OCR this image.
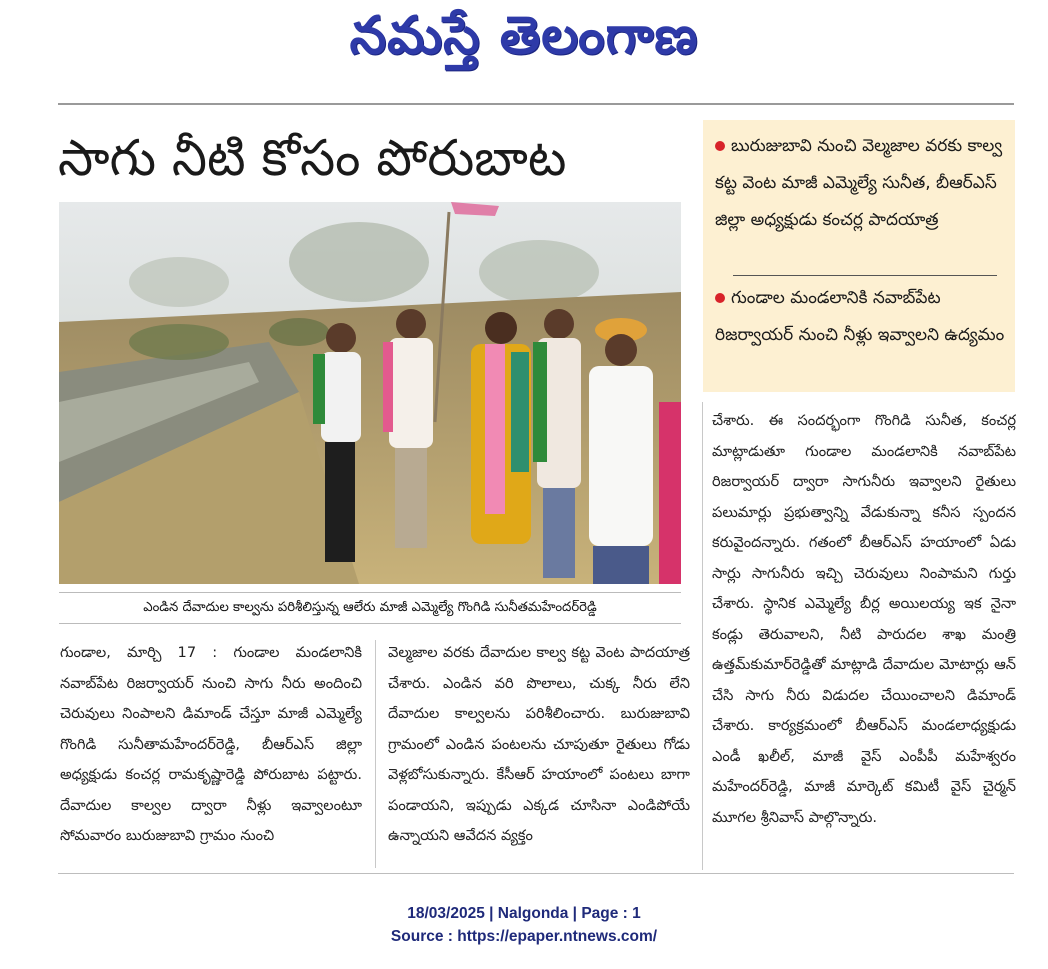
నమస్తే తెలంగాణ
సాగు నీటి కోసం పోరుబాట
ఎండిన దేవాదుల కాల్వను పరిశీలిస్తున్న ఆలేరు మాజీ ఎమ్మెల్యే గొంగిడి సునీతమహేందర్‌రెడ్డి
బురుజుబావి నుంచి వెల్మజాల వరకు కాల్వ కట్ట వెంట మాజీ ఎమ్మెల్యే సునీత, బీఆర్ఎస్ జిల్లా అధ్యక్షుడు కంచర్ల పాదయాత్ర
గుండాల మండలానికి నవాబ్‌పేట రిజర్వాయర్ నుంచి నీళ్లు ఇవ్వాలని ఉద్యమం

చేశారు. ఈ సందర్భంగా గొంగిడి సునీత, కంచర్ల మాట్లాడుతూ గుండాల మండలానికి నవాబ్‌పేట రిజర్వాయర్ ద్వారా సాగునీరు ఇవ్వాలని రైతులు పలుమార్లు ప్రభుత్వాన్ని వేడుకున్నా కనీస స్పందన కరువైందన్నారు. గతంలో బీఆర్ఎస్ హయాంలో ఏడు సార్లు సాగునీరు ఇచ్చి చెరువులు నింపామని గుర్తు చేశారు. స్థానిక ఎమ్మెల్యే బీర్ల అయిలయ్య ఇక నైనా కండ్లు తెరువాలని, నీటి పారుదల శాఖ మంత్రి ఉత్తమ్‌కుమార్‌రెడ్డితో మాట్లాడి దేవాదుల మోటార్లు ఆన్ చేసి సాగు నీరు విడుదల చేయించాలని డిమాండ్ చేశారు. కార్యక్రమంలో బీఆర్ఎస్ మండలాధ్యక్షుడు ఎండీ ఖలీల్, మాజీ వైస్ ఎంపీపీ మహేశ్వరం మహేందర్‌రెడ్డి, మాజీ మార్కెట్ కమిటీ వైస్ చైర్మన్ మూగల శ్రీనివాస్ పాల్గొన్నారు.

గుండాల, మార్చి 17 : గుండాల మండలానికి నవాబ్‌పేట రిజర్వాయర్ నుంచి సాగు నీరు అందించి చెరువులు నింపాలని డిమాండ్ చేస్తూ మాజీ ఎమ్మెల్యే గొంగిడి సునీతామహేందర్‌రెడ్డి, బీఆర్ఎస్ జిల్లా అధ్యక్షుడు కంచర్ల రామకృష్ణారెడ్డి పోరుబాట పట్టారు. దేవాదుల కాల్వల ద్వారా నీళ్లు ఇవ్వాలంటూ సోమవారం బురుజుబావి గ్రామం నుంచి

వెల్మజాల వరకు దేవాదుల కాల్వ కట్ట వెంట పాదయాత్ర చేశారు. ఎండిన వరి పొలాలు, చుక్క నీరు లేని దేవాదుల కాల్వలను పరిశీలించారు. బురుజుబావి గ్రామంలో ఎండిన పంటలను చూపుతూ రైతులు గోడు వెళ్లబోసుకున్నారు. కేసీఆర్ హయాంలో పంటలు బాగా పండాయని, ఇప్పుడు ఎక్కడ చూసినా ఎండిపోయే ఉన్నాయని ఆవేదన వ్యక్తం

18/03/2025 | Nalgonda | Page : 1
Source : https://epaper.ntnews.com/
